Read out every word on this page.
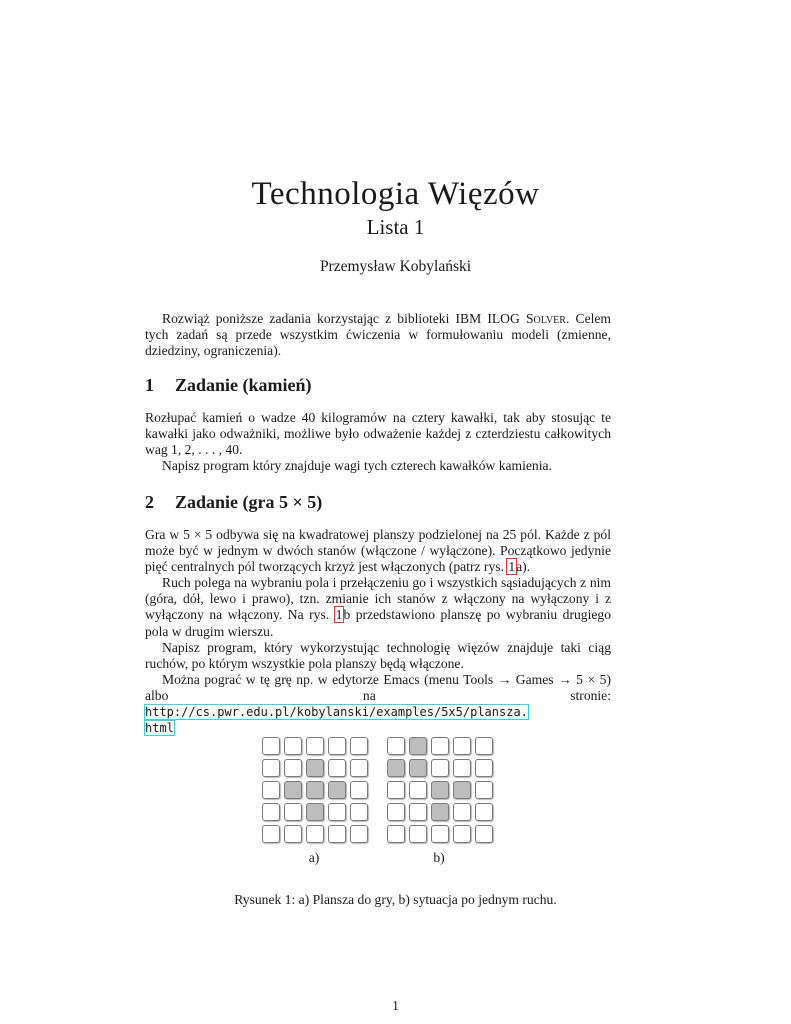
Technologia Więzów
Lista 1
Przemysław Kobylański
Rozwiąż poniższe zadania korzystając z biblioteki IBM ILOG Solver. Celem tych zadań są przede wszystkim ćwiczenia w formułowaniu modeli (zmienne, dziedziny, ograniczenia).
1 Zadanie (kamień)
Rozłupać kamień o wadze 40 kilogramów na cztery kawałki, tak aby stosując te kawałki jako odważniki, możliwe było odważenie każdej z czterdziestu całkowitych wag 1, 2, . . . , 40.
Napisz program który znajduje wagi tych czterech kawałków kamienia.
2 Zadanie (gra 5 × 5)
Gra w 5 × 5 odbywa się na kwadratowej planszy podzielonej na 25 pól. Każde z pól może być w jednym w dwóch stanów (włączone / wyłączone). Początkowo jedynie pięć centralnych pól tworzących krzyż jest włączonych (patrz rys. 1a).
Ruch polega na wybraniu pola i przełączeniu go i wszystkich sąsiadujących z nim (góra, dół, lewo i prawo), tzn. zmianie ich stanów z włączony na wyłączony i z wyłączony na włączony. Na rys. 1b przedstawiono planszę po wybraniu drugiego pola w drugim wierszu.
Napisz program, który wykorzystując technologię więzów znajduje taki ciąg ruchów, po którym wszystkie pola planszy będą włączone.
Można pograć w tę grę np. w edytorze Emacs (menu Tools → Games → 5 × 5) albo na stronie: http://cs.pwr.edu.pl/kobylanski/examples/5x5/plansza.
html
a)	b)
Rysunek 1: a) Plansza do gry, b) sytuacja po jednym ruchu.
1
